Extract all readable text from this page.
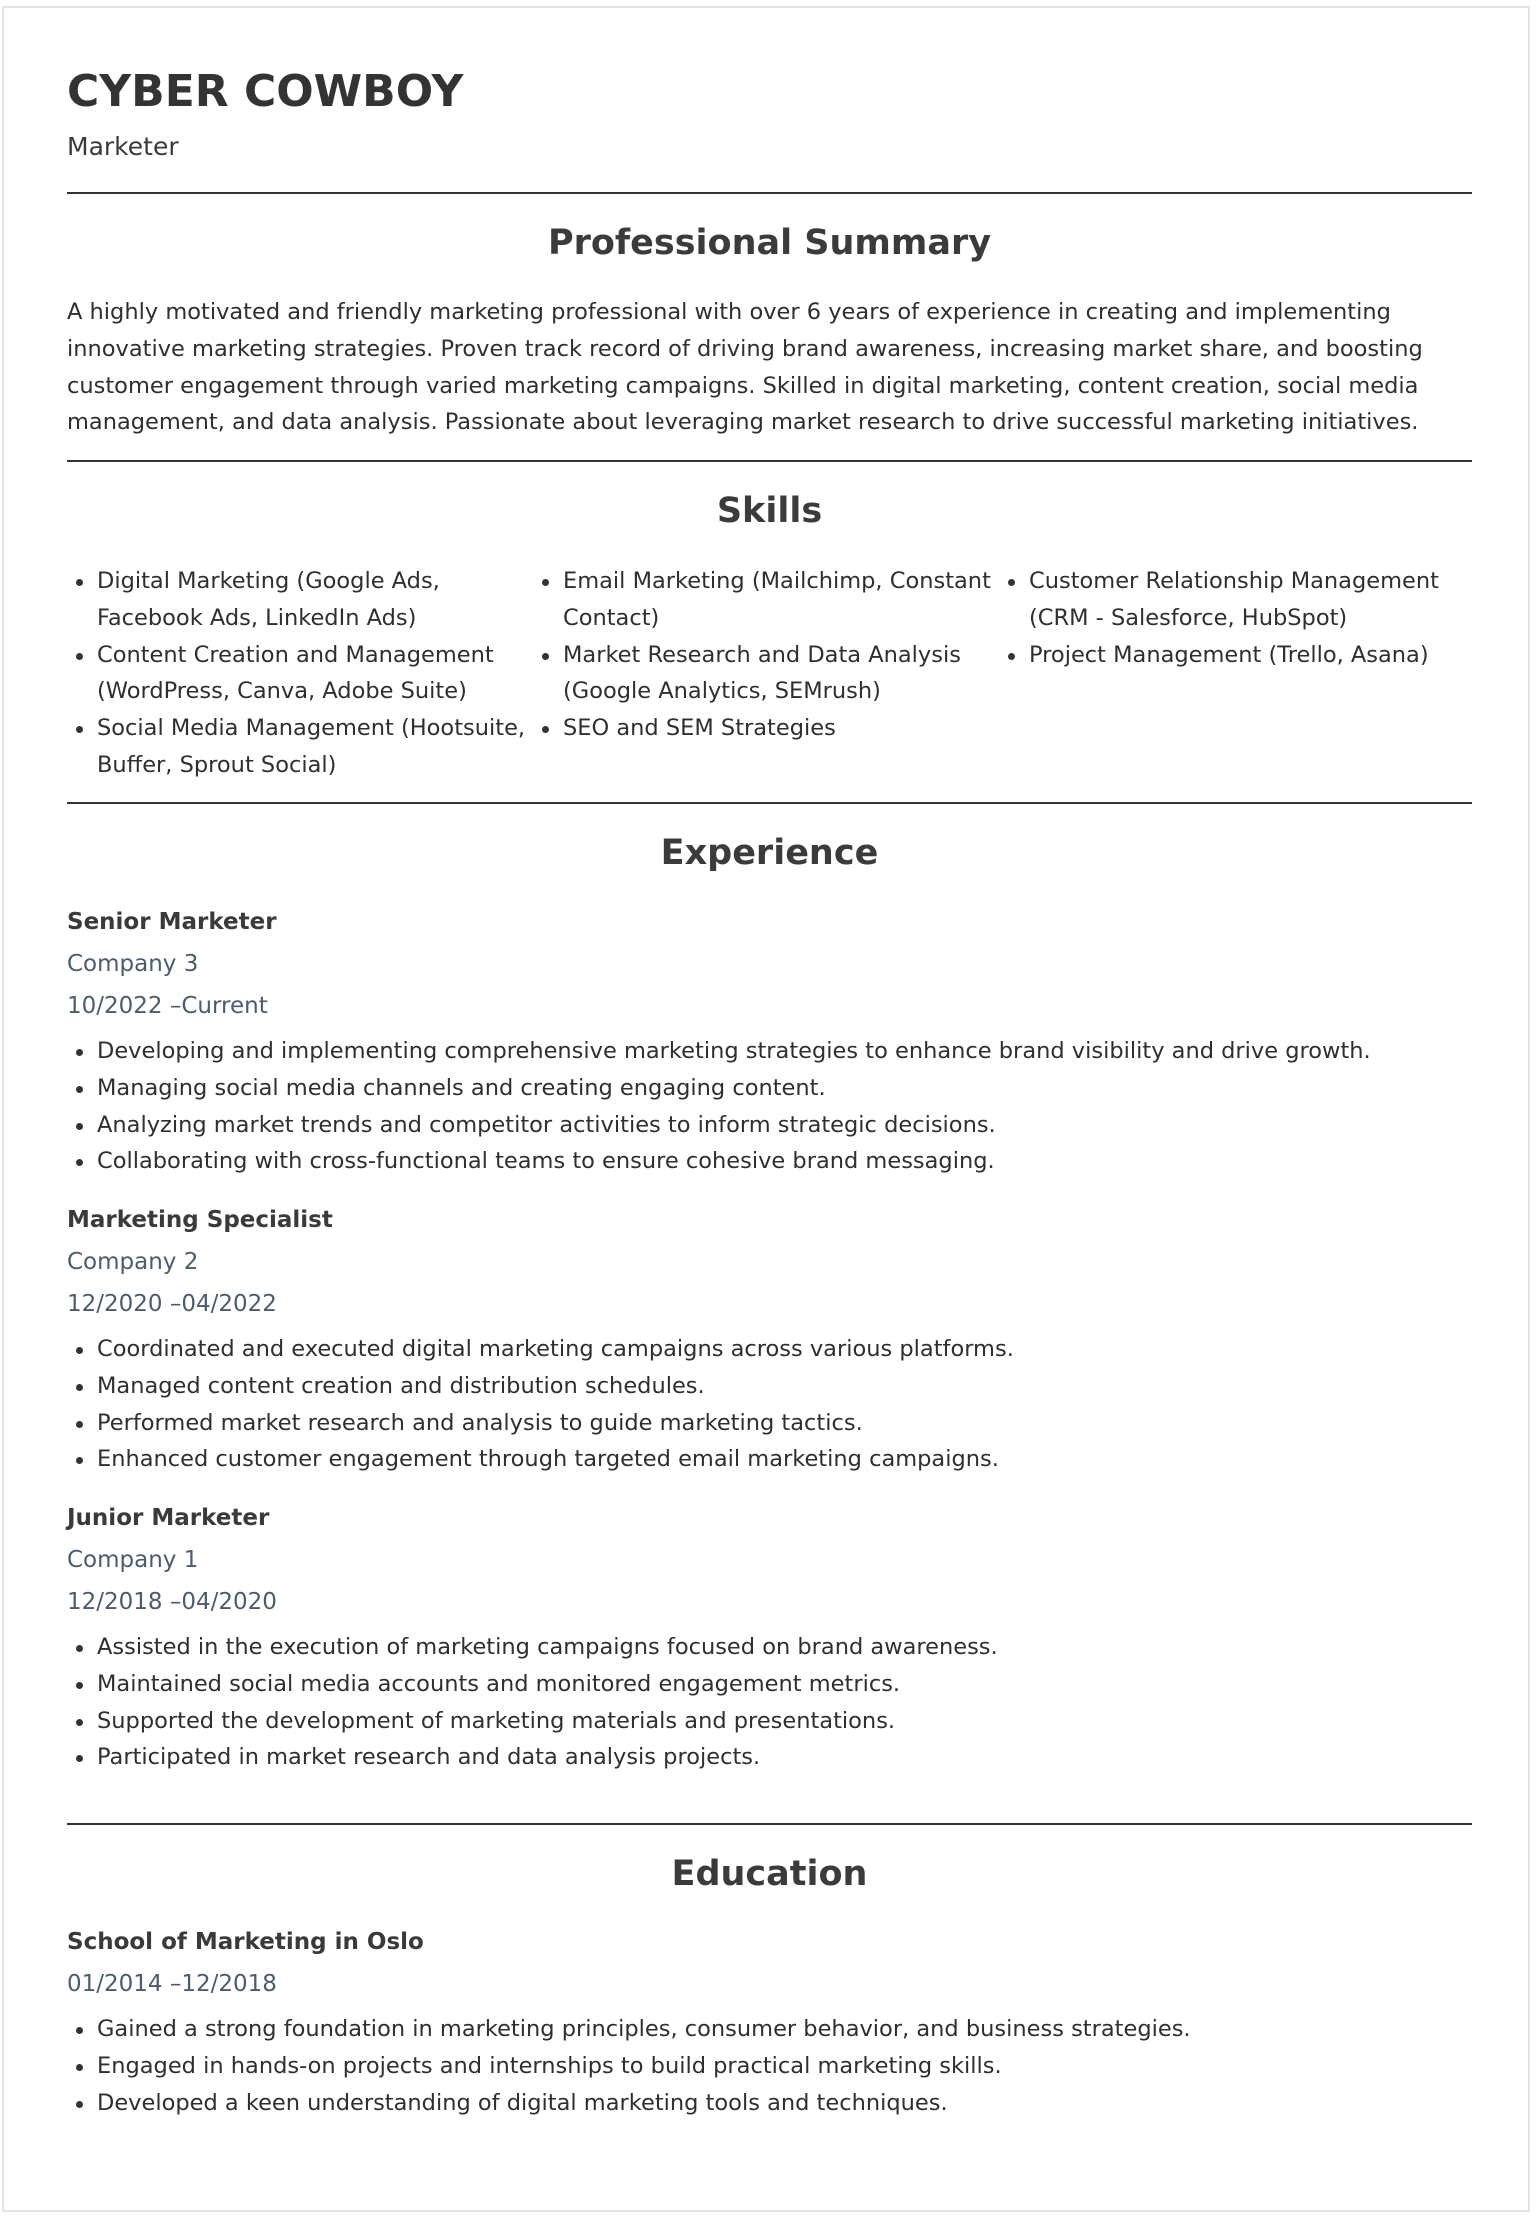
CYBER COWBOY

Marketer

Professional Summary

A highly motivated and friendly marketing professional with over 6 years of experience in creating and implementing innovative marketing strategies. Proven track record of driving brand awareness, increasing market share, and boosting customer engagement through varied marketing campaigns. Skilled in digital marketing, content creation, social media management, and data analysis. Passionate about leveraging market research to drive successful marketing initiatives.

Skills
Digital Marketing (Google Ads, Facebook Ads, LinkedIn Ads)
Content Creation and Management (WordPress, Canva, Adobe Suite)
Social Media Management (Hootsuite, Buffer, Sprout Social)
Email Marketing (Mailchimp, Constant Contact)
Market Research and Data Analysis (Google Analytics, SEMrush)
SEO and SEM Strategies
Customer Relationship Management (CRM - Salesforce, HubSpot)
Project Management (Trello, Asana)
Experience

Senior Marketer

Company 3

10/2022 –Current

Developing and implementing comprehensive marketing strategies to enhance brand visibility and drive growth.
Managing social media channels and creating engaging content.
Analyzing market trends and competitor activities to inform strategic decisions.
Collaborating with cross-functional teams to ensure cohesive brand messaging.

Marketing Specialist

Company 2

12/2020 –04/2022

Coordinated and executed digital marketing campaigns across various platforms.
Managed content creation and distribution schedules.
Performed market research and analysis to guide marketing tactics.
Enhanced customer engagement through targeted email marketing campaigns.

Junior Marketer

Company 1

12/2018 –04/2020

Assisted in the execution of marketing campaigns focused on brand awareness.
Maintained social media accounts and monitored engagement metrics.
Supported the development of marketing materials and presentations.
Participated in market research and data analysis projects.
Education

School of Marketing in Oslo

01/2014 –12/2018

Gained a strong foundation in marketing principles, consumer behavior, and business strategies.
Engaged in hands-on projects and internships to build practical marketing skills.
Developed a keen understanding of digital marketing tools and techniques.
